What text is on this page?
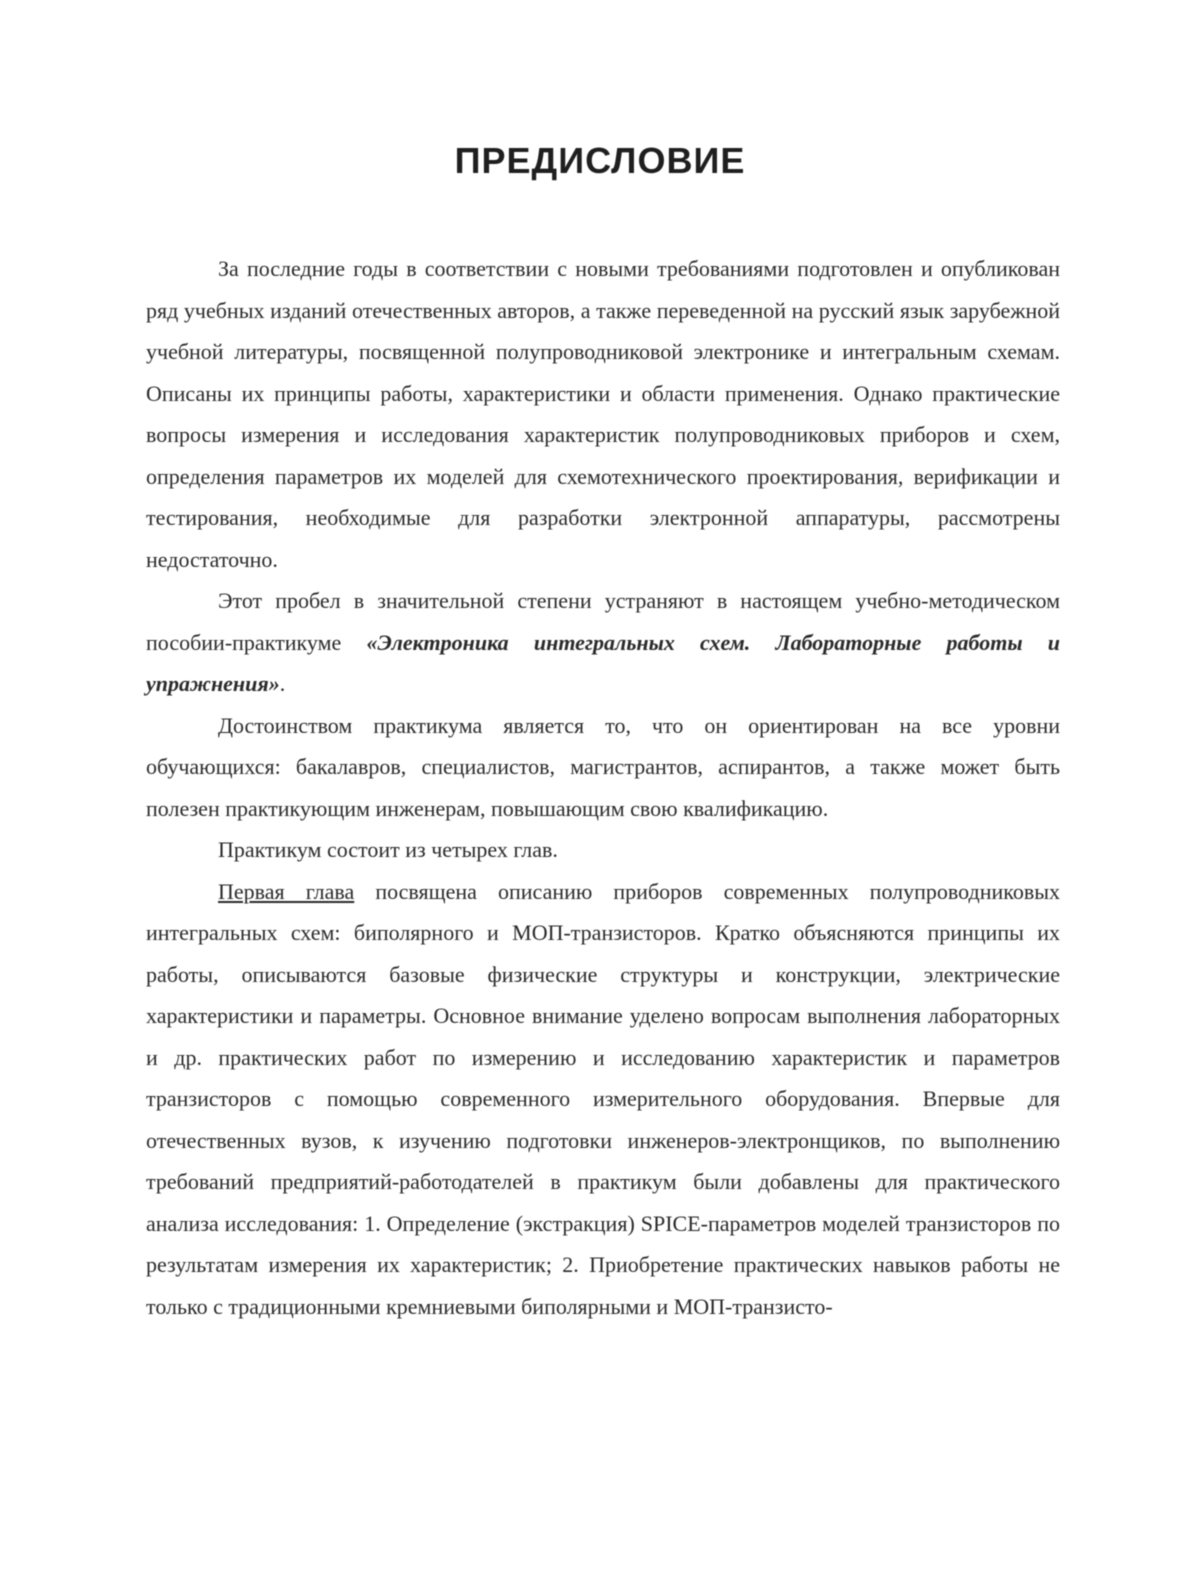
ПРЕДИСЛОВИЕ

За последние годы в соответствии с новыми требованиями подготовлен и опубликован ряд учебных изданий отечественных авторов, а также переведенной на русский язык зарубежной учебной литературы, посвященной полупроводниковой электронике и интегральным схемам. Описаны их принципы работы, характеристики и области применения. Однако практические вопросы измерения и исследования характеристик полупроводниковых приборов и схем, определения параметров их моделей для схемотехнического проектирования, верификации и тестирования, необходимые для разработки электронной аппаратуры, рассмотрены недостаточно.

Этот пробел в значительной степени устраняют в настоящем учебно-методическом пособии-практикуме «Электроника интегральных схем. Лабораторные работы и упражнения».

Достоинством практикума является то, что он ориентирован на все уровни обучающихся: бакалавров, специалистов, магистрантов, аспирантов, а также может быть полезен практикующим инженерам, повышающим свою квалификацию.

Практикум состоит из четырех глав.

Первая глава посвящена описанию приборов современных полупроводниковых интегральных схем: биполярного и МОП-транзисторов. Кратко объясняются принципы их работы, описываются базовые физические структуры и конструкции, электрические характеристики и параметры. Основное внимание уделено вопросам выполнения лабораторных и др. практических работ по измерению и исследованию характеристик и параметров транзисторов с помощью современного измерительного оборудования. Впервые для отечественных вузов, к изучению подготовки инженеров-электронщиков, по выполнению требований предприятий-работодателей в практикум были добавлены для практического анализа исследования: 1. Определение (экстракция) SPICE-параметров моделей транзисторов по результатам измерения их характеристик; 2. Приобретение практических навыков работы не только с традиционными кремниевыми биполярными и МОП-транзисто-
